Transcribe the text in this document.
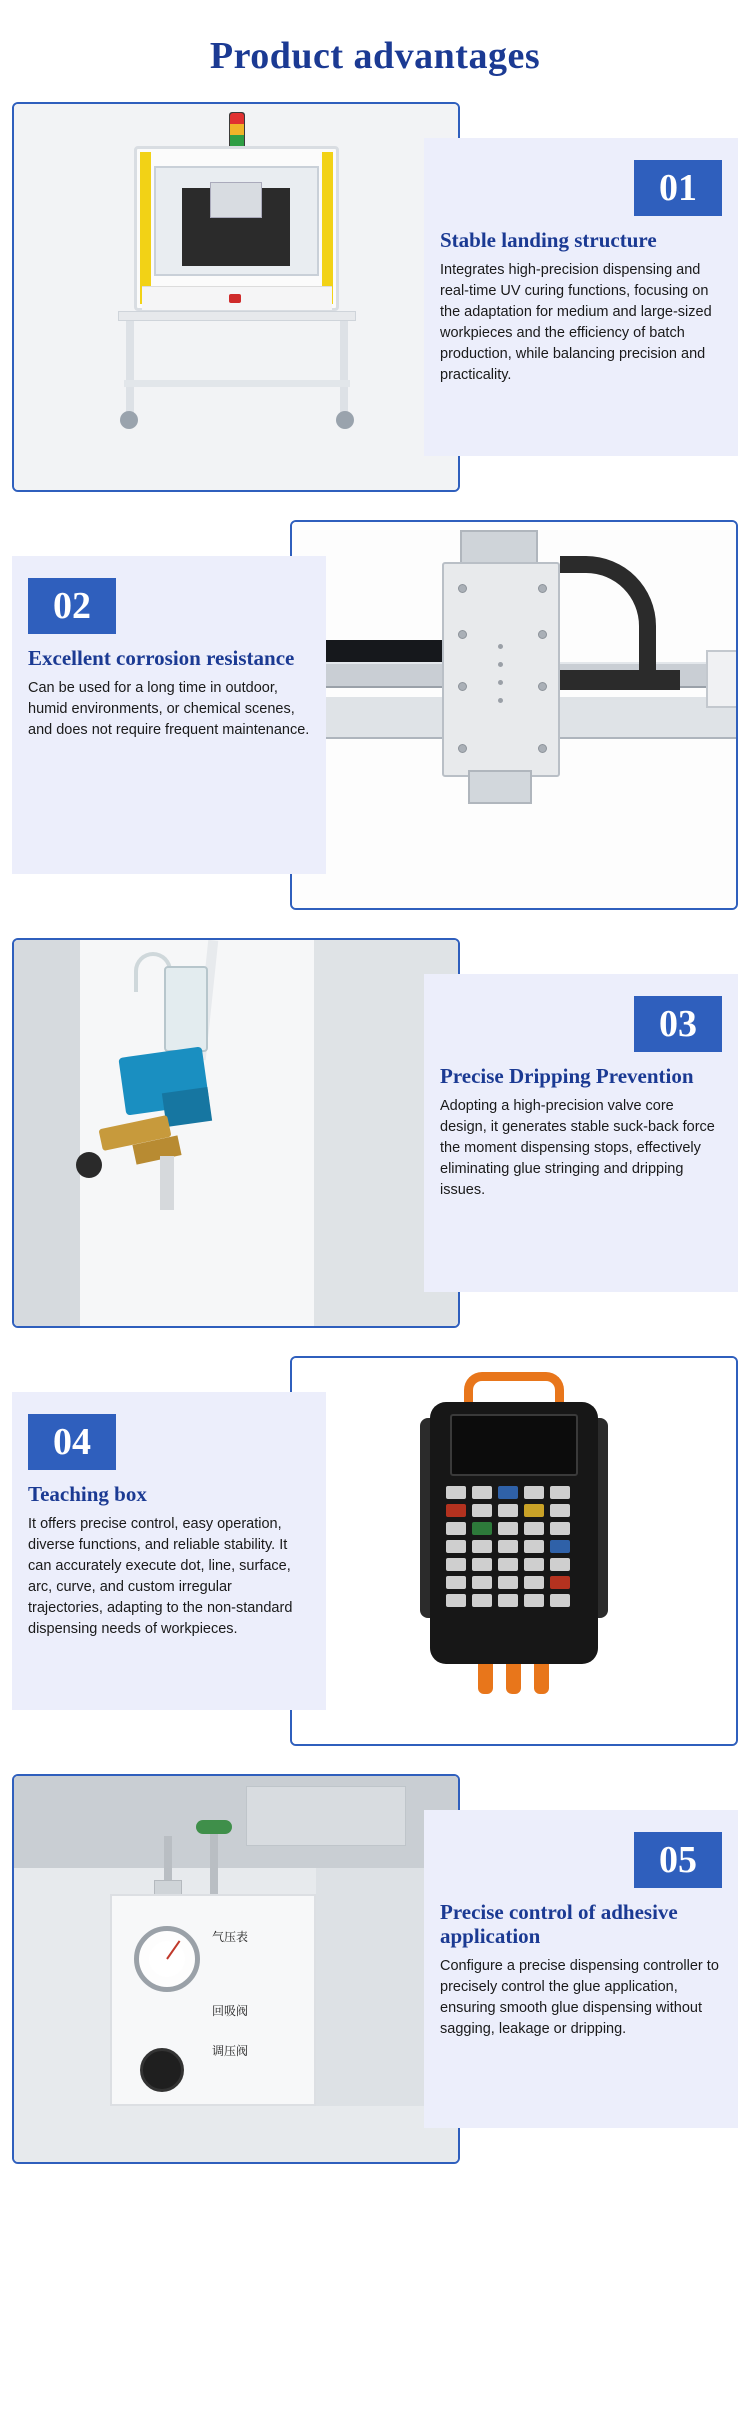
Product advantages
01
Stable landing structure
Integrates high-precision dispensing and real-time UV curing functions, focusing on the adaptation for medium and large-sized workpieces and the efficiency of batch production, while balancing precision and practicality.
02
Excellent corrosion resistance
Can be used for a long time in outdoor, humid environments, or chemical scenes, and does not require frequent maintenance.
03
Precise Dripping Prevention
Adopting a high-precision valve core design, it generates stable suck-back force the moment dispensing stops, effectively eliminating glue stringing and dripping issues.
04
Teaching box
It offers precise control, easy operation, diverse functions, and reliable stability. It can accurately execute dot, line, surface, arc, curve, and custom irregular trajectories, adapting to the non-standard dispensing needs of workpieces.
气压表
回吸阀
调压阀
05
Precise control of adhesive application
Configure a precise dispensing controller to precisely control the glue application, ensuring smooth glue dispensing without sagging, leakage or dripping.
